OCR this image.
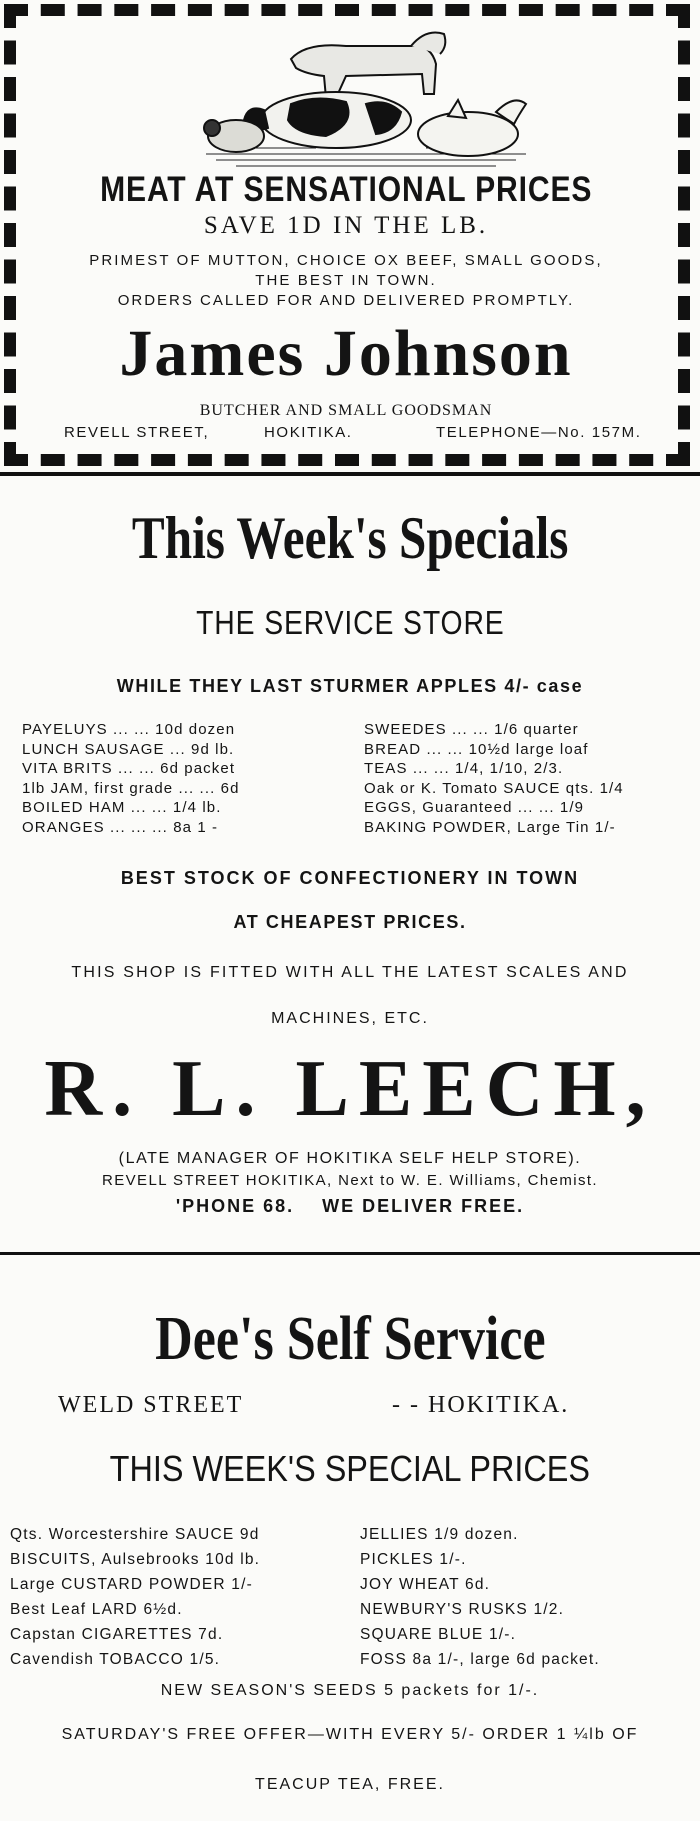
MEAT AT SENSATIONAL PRICES
SAVE 1D IN THE LB.
PRIMEST OF MUTTON, CHOICE OX BEEF, SMALL GOODS,
THE BEST IN TOWN.
ORDERS CALLED FOR AND DELIVERED PROMPTLY.
James Johnson
BUTCHER AND SMALL GOODSMAN
REVELL STREET,	HOKITIKA.	TELEPHONE—No. 157M.
This Week's Specials
THE SERVICE STORE
WHILE THEY LAST STURMER APPLES 4/- case
PAYELUYS ... ... 10d dozen
LUNCH SAUSAGE ... 9d lb.
VITA BRITS ... ... 6d packet
1lb JAM, first grade ... ... 6d
BOILED HAM ... ... 1/4 lb.
ORANGES ... ... ... 8a 1 -
SWEEDES ... ... 1/6 quarter
BREAD ... ... 10½d large loaf
TEAS ... ... 1/4, 1/10, 2/3.
Oak or K. Tomato SAUCE qts. 1/4
EGGS, Guaranteed ... ... 1/9
BAKING POWDER, Large Tin 1/-
BEST STOCK OF CONFECTIONERY IN TOWN
AT CHEAPEST PRICES.
THIS SHOP IS FITTED WITH ALL THE LATEST SCALES AND
MACHINES, ETC.
R. L. LEECH,
(LATE MANAGER OF HOKITIKA SELF HELP STORE).
REVELL STREET HOKITIKA, Next to W. E. Williams, Chemist.
'PHONE 68. WE DELIVER FREE.
Dee's Self Service
WELD STREET	- - HOKITIKA.
THIS WEEK'S SPECIAL PRICES
Qts. Worcestershire SAUCE 9d
BISCUITS, Aulsebrooks 10d lb.
Large CUSTARD POWDER 1/-
Best Leaf LARD 6½d.
Capstan CIGARETTES 7d.
Cavendish TOBACCO 1/5.
JELLIES 1/9 dozen.
PICKLES 1/-.
JOY WHEAT 6d.
NEWBURY'S RUSKS 1/2.
SQUARE BLUE 1/-.
FOSS 8a 1/-, large 6d packet.
NEW SEASON'S SEEDS 5 packets for 1/-.
SATURDAY'S FREE OFFER—WITH EVERY 5/- ORDER 1 ¼lb OF
TEACUP TEA, FREE.
